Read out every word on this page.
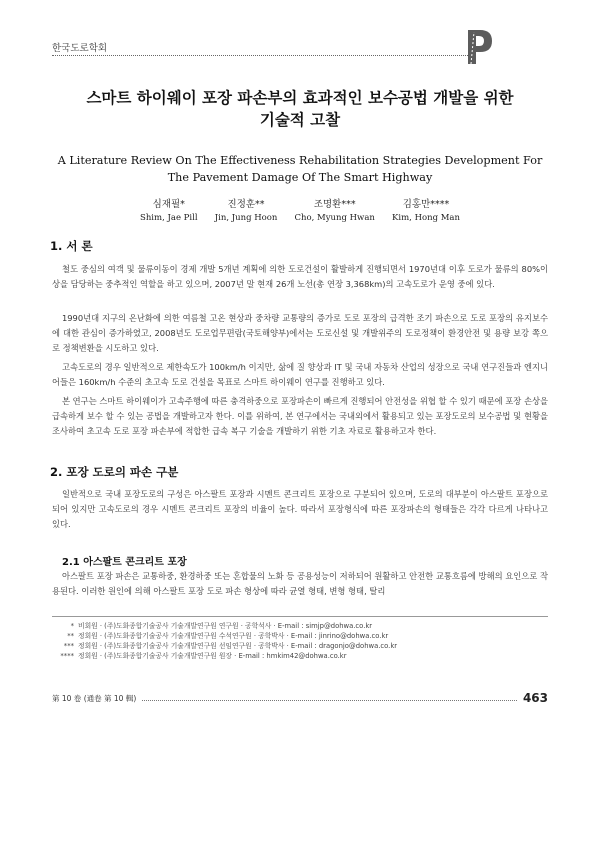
한국도로학회
스마트 하이웨이 포장 파손부의 효과적인 보수공법 개발을 위한
기술적 고찰
A Literature Review On The Effectiveness Rehabilitation Strategies Development For
The Pavement Damage Of The Smart Highway
심재필*
Shim, Jae Pill
진정훈**
Jin, Jung Hoon
조명환***
Cho, Myung Hwan
김홍만****
Kim, Hong Man
1. 서 론
철도 중심의 여객 및 물류이동이 경제 개발 5개년 계획에 의한 도로건설이 활발하게 진행되면서 1970년대 이후 도로가 물류의 80%이상을 담당하는 중추적인 역할을 하고 있으며, 2007년 말 현재 26개 노선(총 연장 3,368km)의 고속도로가 운영 중에 있다.
1990년대 지구의 온난화에 의한 여름철 고온 현상과 중차량 교통량의 증가로 도로 포장의 급격한 조기 파손으로 도로 포장의 유지보수에 대한 관심이 증가하였고, 2008년도 도로업무편람(국토해양부)에서는 도로신설 및 개발위주의 도로정책이 환경안전 및 용량 보강 쪽으로 정책변환을 시도하고 있다.
고속도로의 경우 일반적으로 제한속도가 100km/h 이지만, 삶에 질 향상과 IT 및 국내 자동차 산업의 성장으로 국내 연구진들과 엔지니어들은 160km/h 수준의 초고속 도로 건설을 목표로 스마트 하이웨이 연구를 진행하고 있다.
본 연구는 스마트 하이웨이가 고속주행에 따른 충격하중으로 포장파손이 빠르게 진행되어 안전성을 위협 할 수 있기 때문에 포장 손상을 급속하게 보수 할 수 있는 공법을 개발하고자 한다. 이를 위하여, 본 연구에서는 국내외에서 활용되고 있는 포장도로의 보수공법 및 현황을 조사하여 초고속 도로 포장 파손부에 적합한 급속 복구 기술을 개발하기 위한 기초 자료로 활용하고자 한다.
2. 포장 도로의 파손 구분
일반적으로 국내 포장도로의 구성은 아스팔트 포장과 시멘트 콘크리트 포장으로 구분되어 있으며, 도로의 대부분이 아스팔트 포장으로 되어 있지만 고속도로의 경우 시멘트 콘크리트 포장의 비율이 높다. 따라서 포장형식에 따른 포장파손의 형태들은 각각 다르게 나타나고 있다.
2.1 아스팔트 콘크리트 포장
아스팔트 포장 파손은 교통하중, 환경하중 또는 혼합물의 노화 등 공용성능이 저하되어 원활하고 안전한 교통흐름에 방해의 요인으로 작용된다. 이러한 원인에 의해 아스팔트 포장 도로 파손 형상에 따라 균열 형태, 변형 형태, 탈리
* 비회원 · (주)도화종합기술공사 기술개발연구원 연구원 · 공학석사 · E-mail : simjp@dohwa.co.kr
** 정회원 · (주)도화종합기술공사 기술개발연구원 수석연구원 · 공학박사 · E-mail : jinrino@dohwa.co.kr
*** 정회원 · (주)도화종합기술공사 기술개발연구원 선임연구원 · 공학박사 · E-mail : dragonjo@dohwa.co.kr
**** 정회원 · (주)도화종합기술공사 기술개발연구원 원장 · E-mail : hmkim42@dohwa.co.kr
第 10 卷 (通卷 第 10 輯)	463
